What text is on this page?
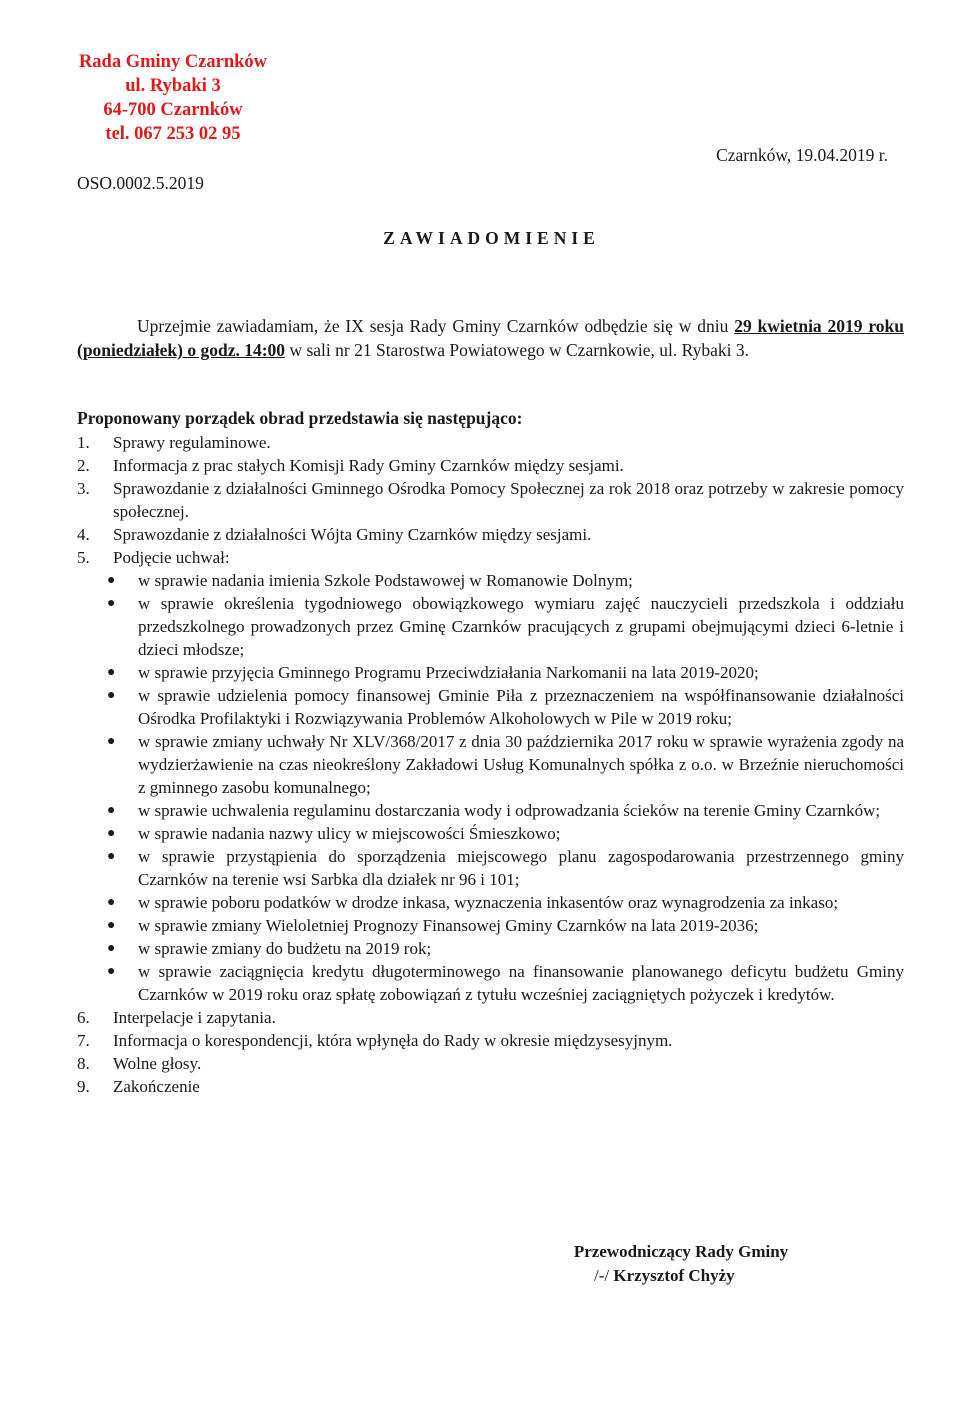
Rada Gminy Czarnków
ul. Rybaki 3
64-700 Czarnków
tel. 067 253 02 95
Czarnków, 19.04.2019 r.
OSO.0002.5.2019
ZAWIADOMIENIE
Uprzejmie zawiadamiam, że IX sesja Rady Gminy Czarnków odbędzie się w dniu 29 kwietnia 2019 roku (poniedziałek) o godz. 14:00 w sali nr 21 Starostwa Powiatowego w Czarnkowie, ul. Rybaki 3.
Proponowany porządek obrad przedstawia się następująco:
1. Sprawy regulaminowe.
2. Informacja z prac stałych Komisji Rady Gminy Czarnków między sesjami.
3. Sprawozdanie z działalności Gminnego Ośrodka Pomocy Społecznej za rok 2018 oraz potrzeby w zakresie pomocy społecznej.
4. Sprawozdanie z działalności Wójta Gminy Czarnków między sesjami.
5. Podjęcie uchwał:
● w sprawie nadania imienia Szkole Podstawowej w Romanowie Dolnym;
● w sprawie określenia tygodniowego obowiązkowego wymiaru zajęć nauczycieli przedszkola i oddziału przedszkolnego prowadzonych przez Gminę Czarnków pracujących z grupami obejmującymi dzieci 6-letnie i dzieci młodsze;
● w sprawie przyjęcia Gminnego Programu Przeciwdziałania Narkomanii na lata 2019-2020;
● w sprawie udzielenia pomocy finansowej Gminie Piła z przeznaczeniem na współfinansowanie działalności Ośrodka Profilaktyki i Rozwiązywania Problemów Alkoholowych w Pile w 2019 roku;
● w sprawie zmiany uchwały Nr XLV/368/2017 z dnia 30 października 2017 roku w sprawie wyrażenia zgody na wydzierżawienie na czas nieokreślony Zakładowi Usług Komunalnych spółka z o.o. w Brzeźnie nieruchomości z gminnego zasobu komunalnego;
● w sprawie uchwalenia regulaminu dostarczania wody i odprowadzania ścieków na terenie Gminy Czarnków;
● w sprawie nadania nazwy ulicy w miejscowości Śmieszkowo;
● w sprawie przystąpienia do sporządzenia miejscowego planu zagospodarowania przestrzennego gminy Czarnków na terenie wsi Sarbka dla działek nr 96 i 101;
● w sprawie poboru podatków w drodze inkasa, wyznaczenia inkasentów oraz wynagrodzenia za inkaso;
● w sprawie zmiany Wieloletniej Prognozy Finansowej Gminy Czarnków na lata 2019-2036;
● w sprawie zmiany do budżetu na 2019 rok;
● w sprawie zaciągnięcia kredytu długoterminowego na finansowanie planowanego deficytu budżetu Gminy Czarnków w 2019 roku oraz spłatę zobowiązań z tytułu wcześniej zaciągniętych pożyczek i kredytów.
6. Interpelacje i zapytania.
7. Informacja o korespondencji, która wpłynęła do Rady w okresie międzysesyjnym.
8. Wolne głosy.
9. Zakończenie
Przewodniczący Rady Gminy
/-/ Krzysztof Chyży
